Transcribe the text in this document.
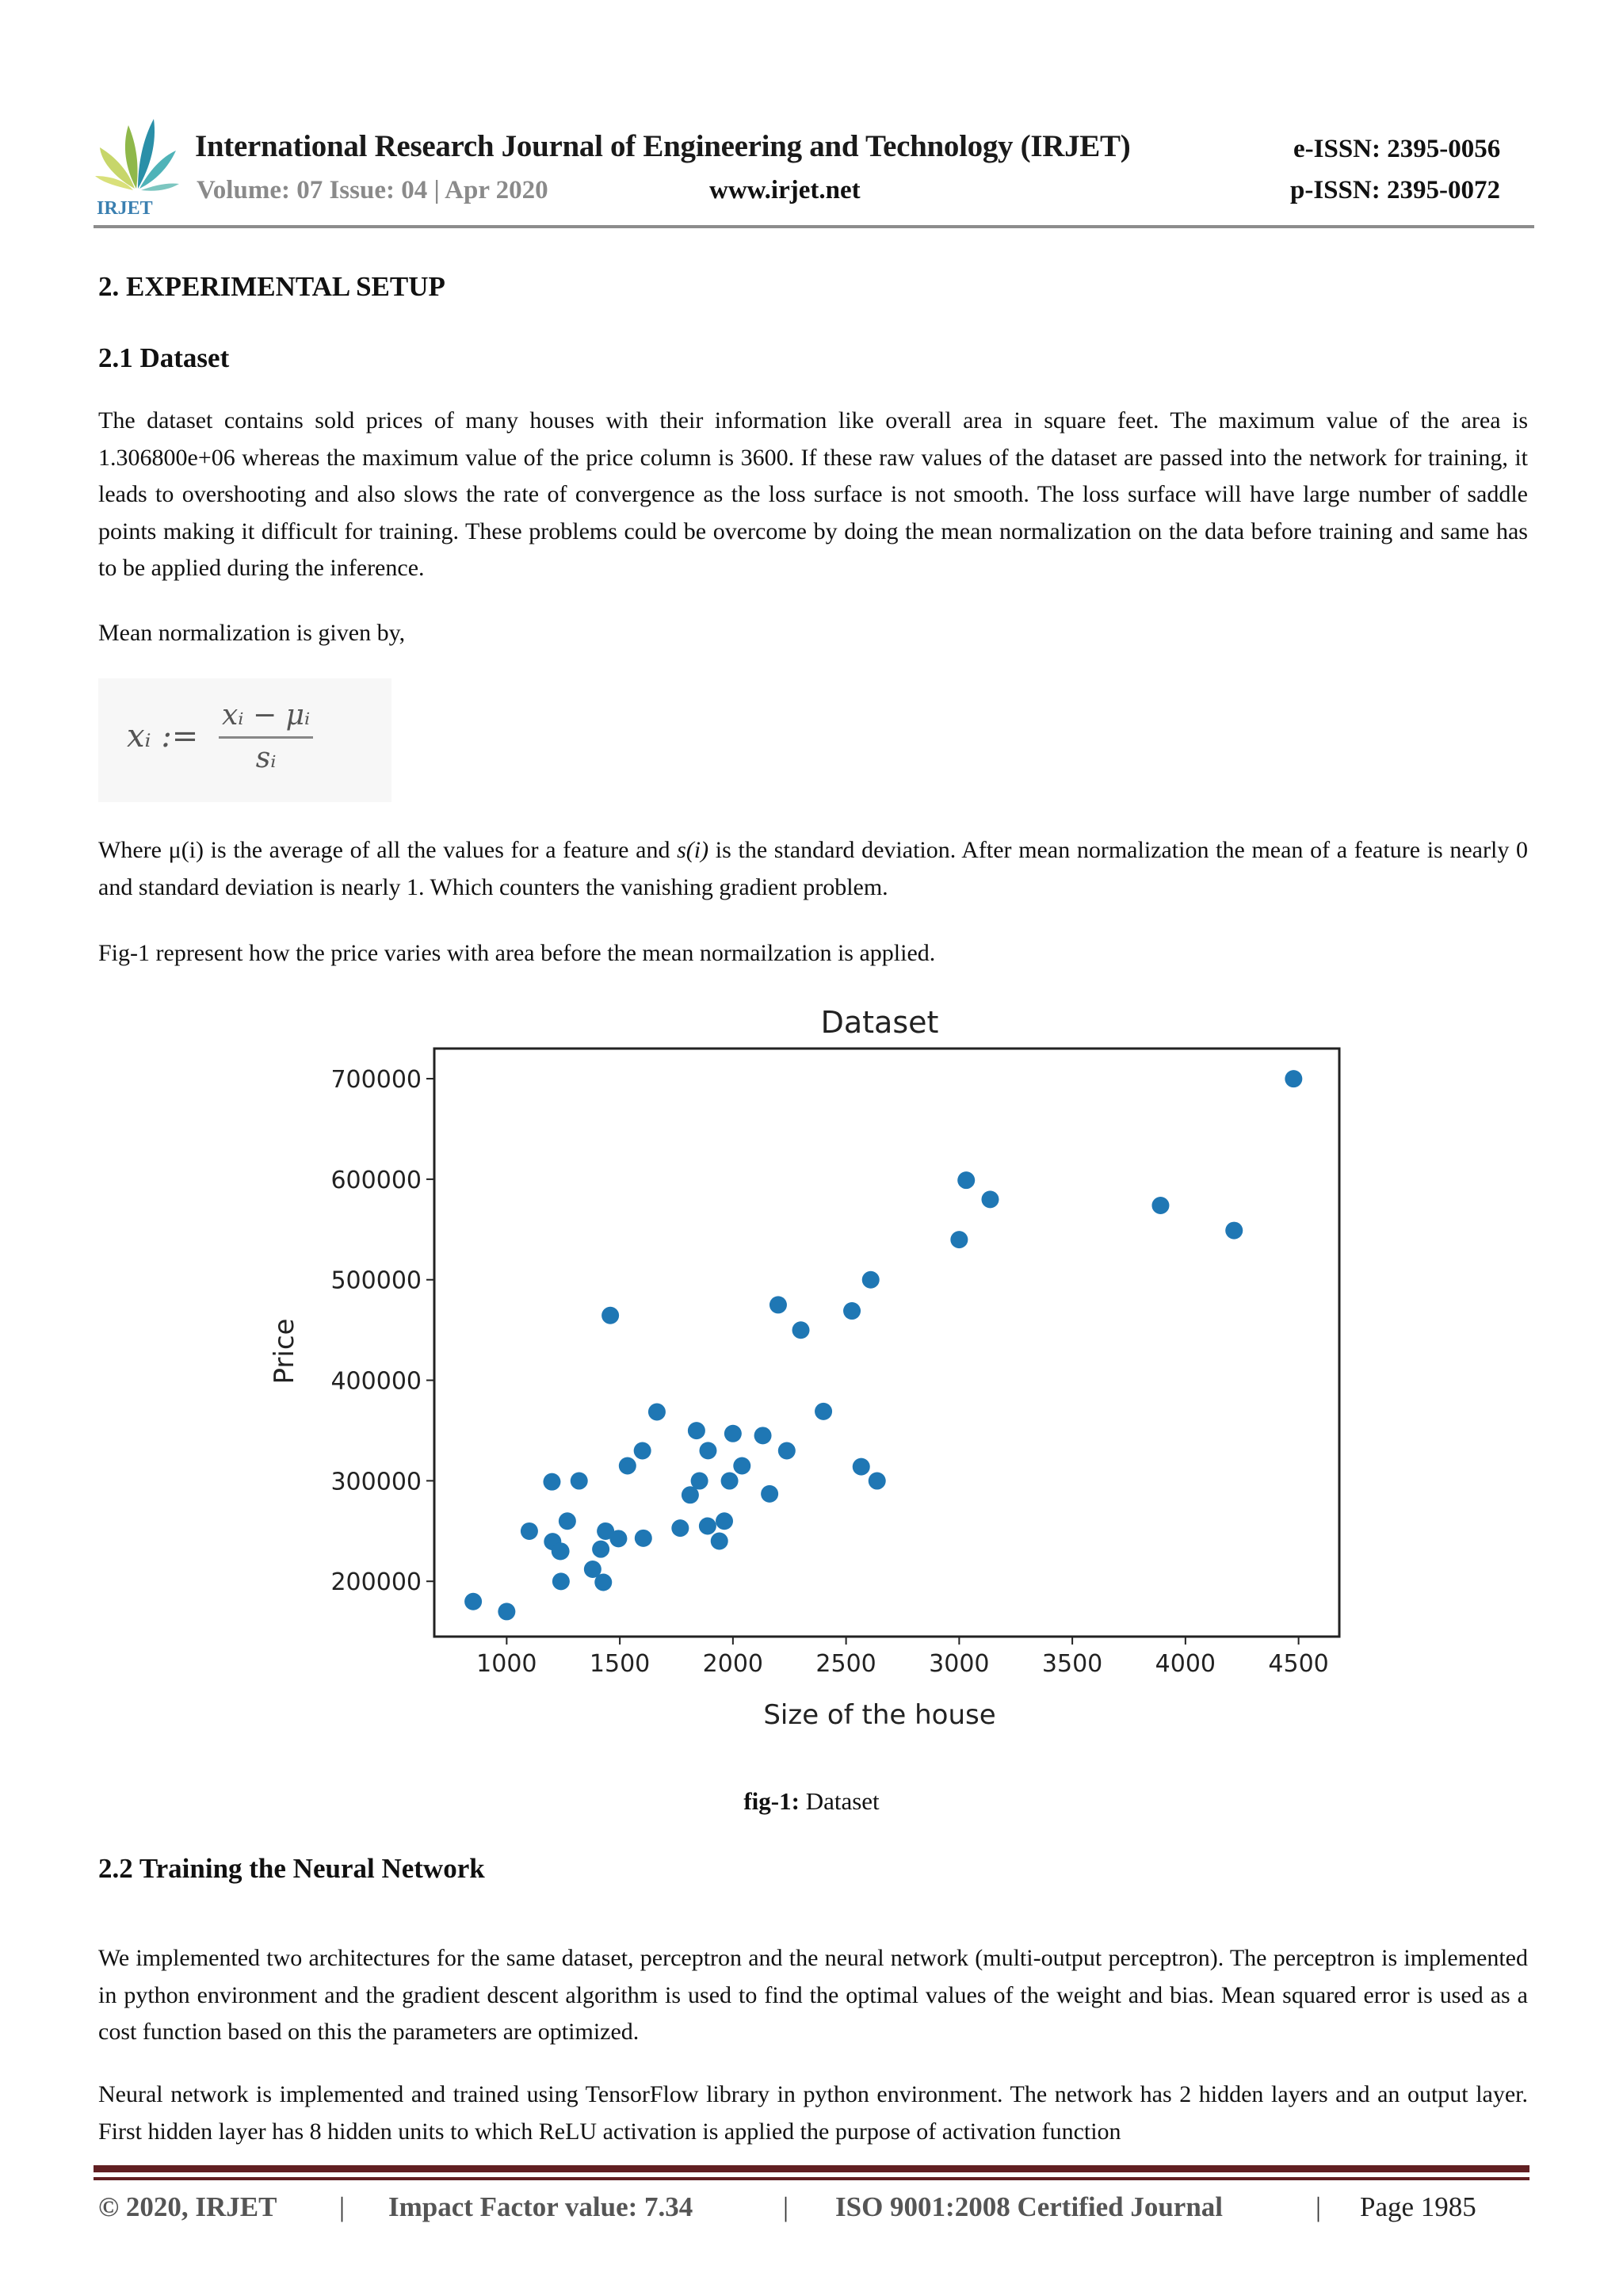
IRJET
International Research Journal of Engineering and Technology (IRJET)	e-ISSN: 2395-0056
Volume: 07 Issue: 04 | Apr 2020	www.irjet.net	p-ISSN: 2395-0072
2. EXPERIMENTAL SETUP
2.1 Dataset
The dataset contains sold prices of many houses with their information like overall area in square feet. The maximum value of the area is 1.306800e+06 whereas the maximum value of the price column is 3600. If these raw values of the dataset are passed into the network for training, it leads to overshooting and also slows the rate of convergence as the loss surface is not smooth. The loss surface will have large number of saddle points making it difficult for training. These problems could be overcome by doing the mean normalization on the data before training and same has to be applied during the inference.
Mean normalization is given by,
xᵢ := $\frac{\text{xᵢ − μᵢ}}{\text{sᵢ}}$
Where μ(i) is the average of all the values for a feature and s(i) is the standard deviation. After mean normalization the mean of a feature is nearly 0 and standard deviation is nearly 1. Which counters the vanishing gradient problem.
Fig-1 represent how the price varies with area before the mean normailzation is applied.
Dataset
200000
300000
400000
500000
600000
700000
1000 1500 2000 2500 3000 3500 4000 4500
Size of the house
Price
fig-1: Dataset
2.2 Training the Neural Network
We implemented two architectures for the same dataset, perceptron and the neural network (multi-output perceptron). The perceptron is implemented in python environment and the gradient descent algorithm is used to find the optimal values of the weight and bias. Mean squared error is used as a cost function based on this the parameters are optimized.
Neural network is implemented and trained using TensorFlow library in python environment. The network has 2 hidden layers and an output layer. First hidden layer has 8 hidden units to which ReLU activation is applied the purpose of activation function
© 2020, IRJET | Impact Factor value: 7.34	| ISO 9001:2008 Certified Journal	| Page 1985
